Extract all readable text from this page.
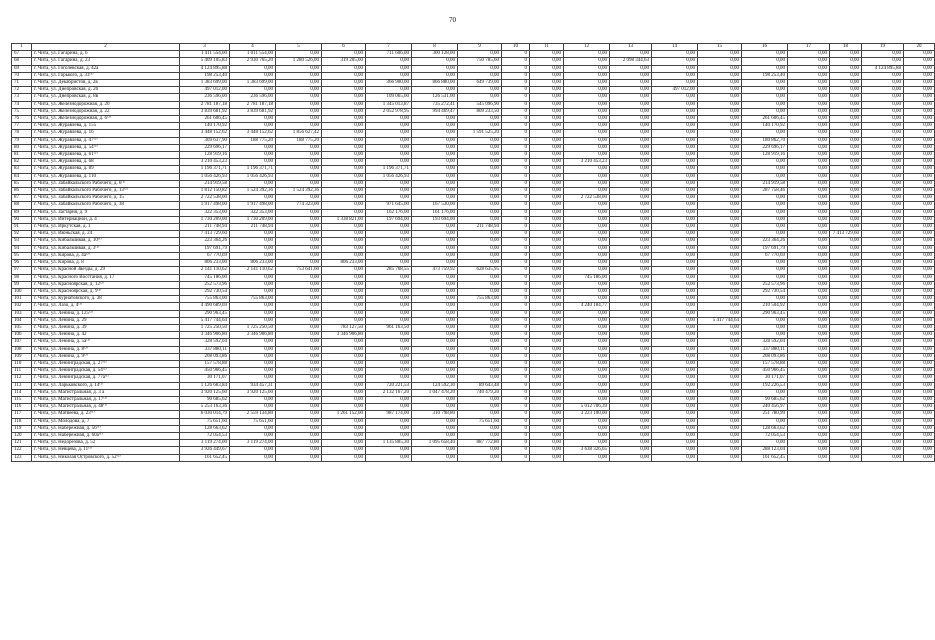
70
1	2	3	4	5	6	7	8	9	10	11	12	13	14	15	16	17	18	19	20
67	г. Чита, ул. Гагарина, д. 6	1 411 554,00	1 011 554,00	0,00	0,00	711 606,00	300 128,00	0,00	0	0,00	0,00	0,00	0,00	0,00	0,00	0,00	0,00	0,00	0,00
68	г. Чита, ул. Гагарина, д. 23	5 409 105,83	2 930 765,20	1 280 526,00	319 205,00	0,00	0,00	750 785,60	0	0,00	0,00	2 098 344,63	0,00	0,00	0,00	0,00	0,00	0,00	0,00
69	г. Чита, ул. Гоголевская, д. 42а	4 124 895,88	0,00	0,00	0,00	0,00	0,00	0,00	0	0,00	0,00	0,00	0,00	0,00	0,00	0,00	0,00	4 124 895,88	0,00
70	г. Чита, ул. Горького, д. 33⁽¹⁾	198 253,40	0,00	0,00	0,00	0,00	0,00	0,00	0	0,00	0,00	0,00	0,00	0,00	198 253,40	0,00	0,00	0,00	0,00
71	г. Чита, ул. Декабристов, д. 2в	1 383 699,00	1 383 699,00	0,00	0,00	366 900,00	866 880,00	649 739,00	0	0,00	0,00	0,00	0,00	0,00	0,00	0,00	0,00	0,00	0,00
72	г. Чита, ул. Днепровская, д. 26	497 012,00	0,00	0,00	0,00	0,00	0,00	0,00	0	0,00	0,00	0,00	497 012,00	0,00	0,00	0,00	0,00	0,00	0,00
73	г. Чита, ул. Днепровская, д. 8в	236 596,00	236 596,00	0,00	0,00	109 065,00	126 531,00	0,00	0	0,00	0,00	0,00	0,00	0,00	0,00	0,00	0,00	0,00	0,00
74	г. Чита, ул. Железнодорожная, д. 20	2 781 187,18	2 781 187,18	0,00	0,00	1 345 013,87	735 272,41	545 096,90	0	0,00	0,00	0,00	0,00	0,00	0,00	0,00	0,00	0,00	0,00
75	г. Чита, ул. Железнодорожная, д. 22	3 839 681,92	3 839 681,92	0,00	0,00	2 052 978,95	994 469,47	809 233,50	0	0,00	0,00	0,00	0,00	0,00	0,00	0,00	0,00	0,00	0,00
76	г. Чита, ул. Железнодорожная, д. 6⁽²⁾	261 606,45	0,00	0,00	0,00	0,00	0,00	0,00	0	0,00	0,00	0,00	0,00	0,00	261 606,45	0,00	0,00	0,00	0,00
77	г. Чита, ул. Журавлева, д. 155	140 170,92	0,00	0,00	0,00	0,00	0,00	0,00	0	0,00	0,00	0,00	0,00	0,00	140 170,92	0,00	0,00	0,00	0,00
78	г. Чита, ул. Журавлева, д. 16	3 448 152,62	3 448 152,62	1 856 627,42	0,00	0,00	0,00	1 591 525,20	0	0,00	0,00	0,00	0,00	0,00	0,00	0,00	0,00	0,00	0,00
79	г. Чита, ул. Журавлева, д. 47⁽²⁾	369 637,90	188 775,20	188 775,20	0,00	0,00	0,00	0,00	0	0,00	0,00	0,00	0,00	0,00	180 862,70	0,00	0,00	0,00	0,00
80	г. Чита, ул. Журавлева, д. 54⁽²⁾	229 696,17	0,00	0,00	0,00	0,00	0,00	0,00	0	0,00	0,00	0,00	0,00	0,00	229 696,17	0,00	0,00	0,00	0,00
81	г. Чита, ул. Журавлева, д. 61⁽²⁾	128 919,16	0,00	0,00	0,00	0,00	0,00	0,00	0	0,00	0,00	0,00	0,00	0,00	128 919,16	0,00	0,00	0,00	0,00
82	г. Чита, ул. Журавлева, д. 68	3 210 453,23	0,00	0,00	0,00	0,00	0,00	0,00	0	0,00	3 210 453,23	0,00	0,00	0,00	0,00	0,00	0,00	0,00	0,00
83	г. Чита, ул. Журавлева, д. 89	1 196 371,71	1 196 371,71	0,00	0,00	1 196 371,71	0,00	0,00	0	0,00	0,00	0,00	0,00	0,00	0,00	0,00	0,00	0,00	0,00
84	г. Чита, ул. Журавлева, д. 110	1 056 426,93	1 056 426,93	0,00	0,00	1 056 426,93	0,00	0,00	0	0,00	0,00	0,00	0,00	0,00	0,00	0,00	0,00	0,00	0,00
85	г. Чита, ул. Забайкальского Рабочего, д. 6⁽¹⁾	214 919,58	0,00	0,00	0,00	0,00	0,00	0,00	0	0,00	0,00	0,00	0,00	0,00	214 919,58	0,00	0,00	0,00	0,00
86	г. Чита, ул. Забайкальского Рабочего, д. 13⁽²⁾	1 812 150,82	1 524 392,36	1 524 392,36	0,00	0,00	0,00	0,00	0	0,00	0,00	0,00	0,00	0,00	287 758,46	0,00	0,00	0,00	0,00
87	г. Чита, ул. Забайкальского Рабочего, д. 15	2 722 538,00	0,00	0,00	0,00	0,00	0,00	0,00	0	0,00	2 722 538,00	0,00	0,00	0,00	0,00	0,00	0,00	0,00	0,00
88	г. Чита, ул. Забайкальского Рабочего, д. 38	1 917 498,00	1 917 498,00	774 323,00	0,00	971 645,00	167 530,00	0,00	0	0,00	0,00	0,00	0,00	0,00	0,00	0,00	0,00	0,00	0,00
89	г. Чита, ул. Застарня, д. 9	322 353,00	322 353,00	0,00	0,00	162 176,00	161 176,00	0,00	0	0,00	0,00	0,00	0,00	0,00	0,00	0,00	0,00	0,00	0,00
90	г. Чита, ул. Интернацион, д. 4	1 730 209,00	1 730 209,00	0,00	1 338 821,00	197 694,00	193 694,00	0,00	0	0,00	0,00	0,00	0,00	0,00	0,00	0,00	0,00	0,00	0,00
91	г. Чита, ул. Иркутская, д. 1	211 748,94	211 748,94	0,00	0,00	0,00	0,00	211 748,94	0	0,00	0,00	0,00	0,00	0,00	0,00	0,00	0,00	0,00	0,00
92	г. Чита, ул. Июньская, д. 24	7 413 729,60	0,00	0,00	0,00	0,00	0,00	0,00	0	0,00	0,00	0,00	0,00	0,00	0,00	0,00	7 413 729,60	0,00	0,00
93	г. Чита, ул. Кибальчивая, д. 10⁽¹⁾	223 364,26	0,00	0,00	0,00	0,00	0,00	0,00	0	0,00	0,00	0,00	0,00	0,00	223 364,26	0,00	0,00	0,00	0,00
94	г. Чита, ул. Кибальчивая, д. 3⁽¹⁾	197 691,79	0,00	0,00	0,00	0,00	0,00	0,00	0	0,00	0,00	0,00	0,00	0,00	197 691,79	0,00	0,00	0,00	0,00
95	г. Чита, ул. Кирова, д. 4а⁽²⁾	67 770,69	0,00	0,00	0,00	0,00	0,00	0,00	0	0,00	0,00	0,00	0,00	0,00	67 770,69	0,00	0,00	0,00	0,00
96	г. Чита, ул. Кирова, д. 8	806 233,00	806 233,00	0,00	806 233,00	0,00	0,00	0,00	0	0,00	0,00	0,00	0,00	0,00	0,00	0,00	0,00	0,00	0,00
97	г. Чита, ул. Красной Звезды, д. 29	2 141 110,62	2 141 110,62	753 641,60	0,00	285 768,55	473 759,92	628 635,95	0	0,00	0,00	0,00	0,00	0,00	0,00	0,00	0,00	0,00	0,00
98	г. Чита, ул. Красного Восстания, д. 17	745 186,00	0,00	0,00	0,00	0,00	0,00	0,00	0	0,00	745 186,00	0,00	0,00	0,00	0,00	0,00	0,00	0,00	0,00
99	г. Чита, ул. Красноярская, д. 12⁽²⁾	252 573,96	0,00	0,00	0,00	0,00	0,00	0,00	0	0,00	0,00	0,00	0,00	0,00	252 573,96	0,00	0,00	0,00	0,00
100	г. Чита, ул. Красноярская, д. 9⁽¹⁾	292 730,54	0,00	0,00	0,00	0,00	0,00	0,00	0	0,00	0,00	0,00	0,00	0,00	292 730,54	0,00	0,00	0,00	0,00
101	г. Чита, ул. Курнатовского, д. 38	755 863,00	755 863,00	0,00	0,00	0,00	0,00	755 863,00	0	0,00	0,00	0,00	0,00	0,00	0,00	0,00	0,00	0,00	0,00
102	г. Чита, ул. Лазо, д. 4⁽¹⁾	4 490 689,69	0,00	0,00	0,00	0,00	0,00	0,00	0	0,00	4 240 184,77	0,00	0,00	0,00	210 504,92	0,00	0,00	0,00	0,00
103	г. Чита, ул. Ленина, д. 125⁽²⁾	290 963,45	0,00	0,00	0,00	0,00	0,00	0,00	0	0,00	0,00	0,00	0,00	0,00	290 963,45	0,00	0,00	0,00	0,00
104	г. Чита, ул. Ленина, д. 29	5 417 744,64	0,00	0,00	0,00	0,00	0,00	0,00	0	0,00	0,00	0,00	0,00	5 417 744,64	0,00	0,00	0,00	0,00	0,00
105	г. Чита, ул. Ленина, д. 39	1 725 250,50	1 725 250,50	0,00	783 127,50	961 163,50	0,00	0,00	0	0,00	0,00	0,00	0,00	0,00	0,00	0,00	0,00	0,00	0,00
106	г. Чита, ул. Ленина, д. 42	3 346 906,80	3 346 906,80	0,00	3 346 906,80	0,00	0,00	0,00	0	0,00	0,00	0,00	0,00	0,00	0,00	0,00	0,00	0,00	0,00
107	г. Чита, ул. Ленина, д. 5а⁽²⁾	328 592,04	0,00	0,00	0,00	0,00	0,00	0,00	0	0,00	0,00	0,00	0,00	0,00	328 592,04	0,00	0,00	0,00	0,00
108	г. Чита, ул. Ленина, д. 8⁽²⁾	337 880,11	0,00	0,00	0,00	0,00	0,00	0,00	0	0,00	0,00	0,00	0,00	0,00	337 880,11	0,00	0,00	0,00	0,00
109	г. Чита, ул. Ленина, д. 9⁽²⁾	208 093,86	0,00	0,00	0,00	0,00	0,00	0,00	0	0,00	0,00	0,00	0,00	0,00	208 093,86	0,00	0,00	0,00	0,00
110	г. Чита, ул. Ленинградская, д. 27⁽²⁾	157 578,88	0,00	0,00	0,00	0,00	0,00	0,00	0	0,00	0,00	0,00	0,00	0,00	157 578,88	0,00	0,00	0,00	0,00
111	г. Чита, ул. Ленинградская, д. 54⁽²⁾	450 966,45	0,00	0,00	0,00	0,00	0,00	0,00	0	0,00	0,00	0,00	0,00	0,00	450 966,45	0,00	0,00	0,00	0,00
112	г. Чита, ул. Ленинградская, д. 77а⁽¹⁾	30 171,07	0,00	0,00	0,00	0,00	0,00	0,00	0	0,00	0,00	0,00	0,00	0,00	30 171,07	0,00	0,00	0,00	0,00
113	г. Чита, ул. Ларьковского, д. 14⁽¹⁾	1 126 683,84	934 457,31	0,00	0,00	720 221,53	124 592,30	89 643,48	0	0,00	0,00	0,00	0,00	0,00	192 226,53	0,00	0,00	0,00	0,00
114	г. Чита, ул. Магистральная, д. 3 а	3 920 125,60	3 920 125,60	0,00	0,00	2 132 167,20	1 047 478,20	740 479,20	0	0,00	0,00	0,00	0,00	0,00	0,00	0,00	0,00	0,00	0,00
115	г. Чита, ул. Магистральная, д. 17⁽²⁾	90 685,62	0,00	0,00	0,00	0,00	0,00	0,00	0	0,00	0,00	0,00	0,00	0,00	90 685,62	0,00	0,00	0,00	0,00
116	г. Чита, ул. Магистральная, д. 48⁽¹⁾	5 253 163,36	0,00	0,00	0,00	0,00	0,00	0,00	0	0,00	5 012 706,39	0,00	0,00	0,00	240 456,97	0,00	0,00	0,00	0,00
117	г. Чита, ул. Матвеева, д. 23⁽¹⁾	6 030 014,79	2 559 134,80	0,00	1 261 152,00	987 174,00	310 798,80	0,00	0	0,00	3 223 100,00	0,00	0,00	0,00	251 780,99	0,00	0,00	0,00	0,00
118	г. Чита, ул. Молодова, д. 7	75 651,60	75 651,60	0,00	0,00	0,00	0,00	75 651,60	0	0,00	0,00	0,00	0,00	0,00	0,00	0,00	0,00	0,00	0,00
119	г. Чита, ул. Набережная, д. 56⁽¹⁾	128 663,62	0,00	0,00	0,00	0,00	0,00	0,00	0	0,00	0,00	0,00	0,00	0,00	128 663,62	0,00	0,00	0,00	0,00
120	г. Чита, ул. Набережная, д. 60а⁽¹⁾	72 054,53	0,00	0,00	0,00	0,00	0,00	0,00	0	0,00	0,00	0,00	0,00	0,00	72 054,53	0,00	0,00	0,00	0,00
121	г. Чита, ул. Недорезова, д. 52	3 119 274,00	3 119 274,00	0,00	0,00	1 135 805,30	1 095 658,40	887 772,80	0	0,00	0,00	0,00	0,00	0,00	0,00	0,00	0,00	0,00	0,00
122	г. Чита, ул. Невцева, д. 11⁽¹⁾	3 926 449,67	0,00	0,00	0,00	0,00	0,00	0,00	0	0,00	3 638 326,65	0,00	0,00	0,00	288 123,04	0,00	0,00	0,00	0,00
123	г. Чита, ул. Николая Островского, д. 52⁽²⁾	161 652,45	0,00	0,00	0,00	0,00	0,00	0,00	0	0,00	0,00	0,00	0,00	0,00	161 652,45	0,00	0,00	0,00	0,00
